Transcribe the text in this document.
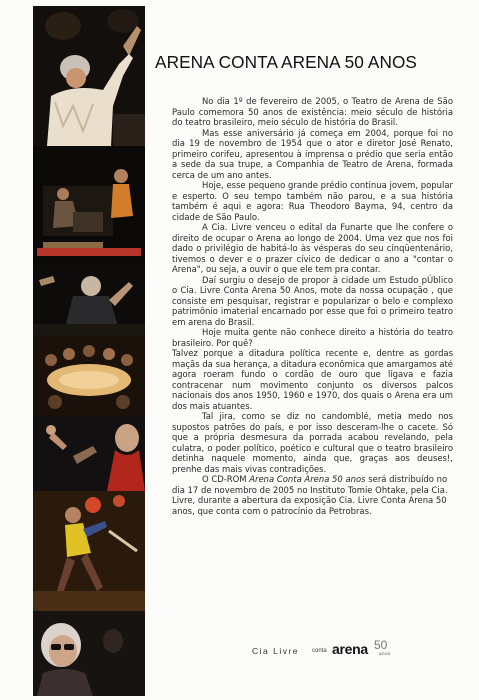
ARENA CONTA ARENA 50 ANOS

No dia 1º de fevereiro de 2005, o Teatro de Arena de São Paulo comemora 50 anos de existência: meio século de história do teatro brasileiro, meio século de história do Brasil.

Mas esse aniversário já começa em 2004, porque foi no dia 19 de novembro de 1954 que o ator e diretor José Renato, primeiro corifeu, apresentou à imprensa o prédio que seria então a sede da sua trupe, a Companhia de Teatro de Arena, formada cerca de um ano antes.

Hoje, esse pequeno grande prédio continua jovem, popular e esperto. O seu tempo também não parou, e a sua história também é aqui e agora: Rua Theodoro Bayma, 94, centro da cidade de São Paulo.

A Cia. Livre venceu o edital da Funarte que lhe confere o direito de ocupar o Arena ao longo de 2004. Uma vez que nos foi dado o privilégio de habitá-lo às vésperas do seu cinqüentenário, tivemos o dever e o prazer cívico de dedicar o ano a "contar o Arena", ou seja, a ouvir o que ele tem pra contar.

Daí surgiu o desejo de propor à cidade um Estudo pÚblico o Cia. Livre Conta Arena 50 Anos, mote da nossa ocupação , que consiste em pesquisar, registrar e popularizar o belo e complexo patrimônio imaterial encarnado por esse que foi o primeiro teatro em arena do Brasil.

Hoje muita gente não conhece direito a história do teatro brasileiro. Por quê?

Talvez porque a ditadura política recente e, dentre as gordas maçãs da sua herança, a ditadura econômica que amargamos até agora roeram fundo o cordão de ouro que ligava e fazia contracenar num movimento conjunto os diversos palcos nacionais dos anos 1950, 1960 e 1970, dos quais o Arena era um dos mais atuantes.

Tal jira, como se diz no candomblé, metia medo nos supostos patrões do país, e por isso desceram-lhe o cacete. Só que a própria desmesura da porrada acabou revelando, pela culatra, o poder político, poético e cultural que o teatro brasileiro detinha naquele momento, ainda que, graças aos deuses!, prenhe das mais vivas contradições.

O CD-ROM Arena Conta Arena 50 anos será distribuído no dia 17 de novembro de 2005 no Instituto Tomie Ohtake, pela Cia. Livre, durante a abertura da exposição Cia. Livre Conta Arena 50 anos, que conta com o patrocínio da Petrobras.

Cia Livre conta arena 50
anos
